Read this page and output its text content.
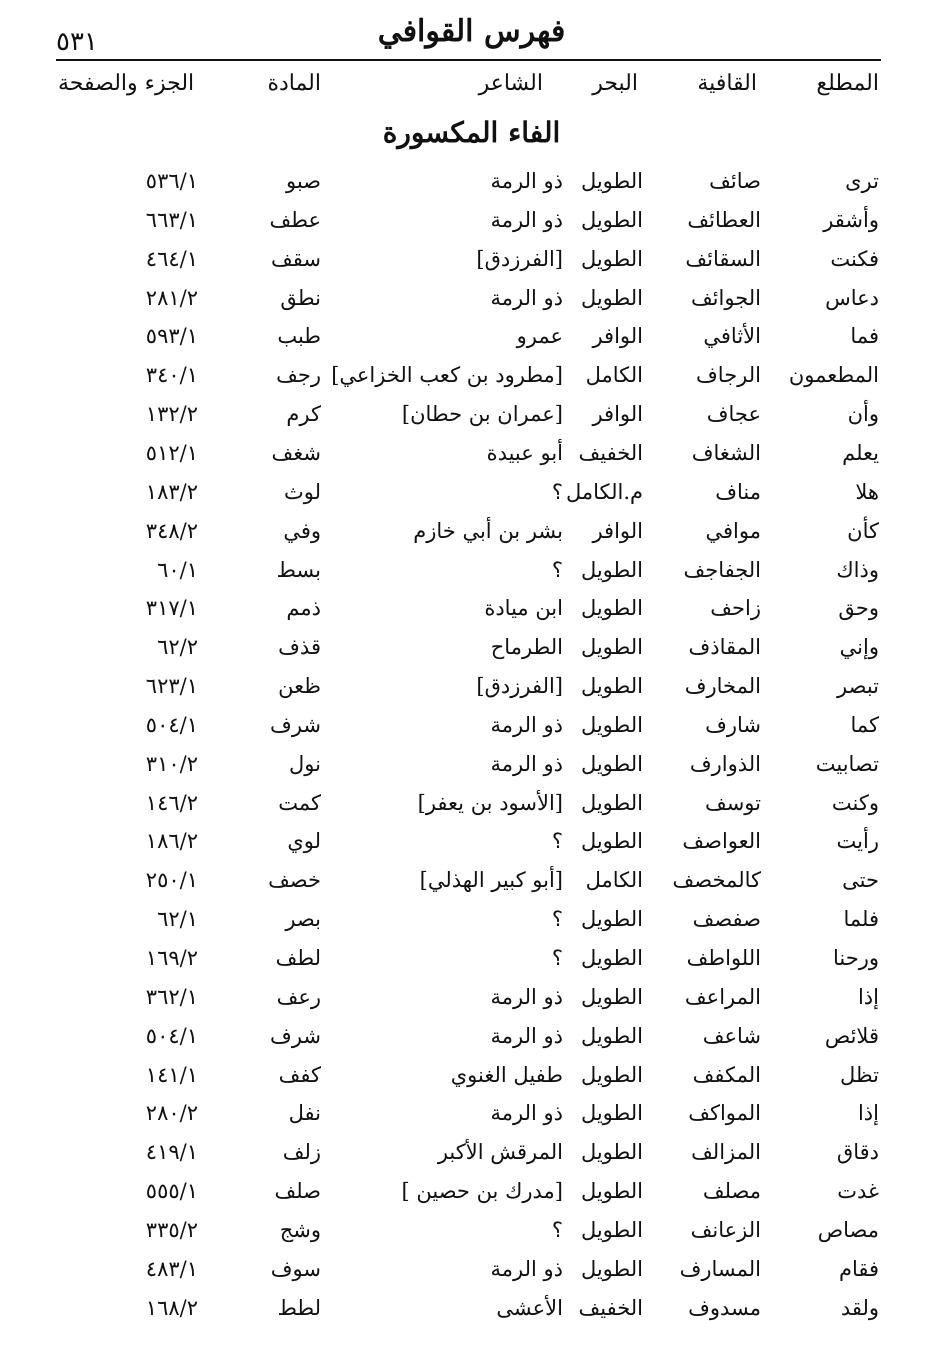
٥٣١	فهرس القوافي
المطلع
القافية
البحر
الشاعر
المادة
الجزء والصفحة
الفاء المكسورة
ترى
صائف
الطويل
ذو الرمة
صبو
٥٣٦/١
وأشقر
العطائف
الطويل
ذو الرمة
عطف
٦٦٣/١
فكنت
السقائف
الطويل
[الفرزدق]
سقف
٤٦٤/١
دعاس
الجوائف
الطويل
ذو الرمة
نطق
٢٨١/٢
فما
الأثافي
الوافر
عمرو
طبب
٥٩٣/١
المطعمون
الرجاف
الكامل
[مطرود بن كعب الخزاعي]
رجف
٣٤٠/١
وأن
عجاف
الوافر
[عمران بن حطان]
كرم
١٣٢/٢
يعلم
الشغاف
الخفيف
أبو عبيدة
شغف
٥١٢/١
هلا
مناف
م.الكامل
؟
لوث
١٨٣/٢
كأن
موافي
الوافر
بشر بن أبي خازم
وفي
٣٤٨/٢
وذاك
الجفاجف
الطويل
؟
بسط
٦٠/١
وحق
زاحف
الطويل
ابن ميادة
ذمم
٣١٧/١
وإني
المقاذف
الطويل
الطرماح
قذف
٦٢/٢
تبصر
المخارف
الطويل
[الفرزدق]
ظعن
٦٢٣/١
كما
شارف
الطويل
ذو الرمة
شرف
٥٠٤/١
تصابيت
الذوارف
الطويل
ذو الرمة
نول
٣١٠/٢
وكنت
توسف
الطويل
[الأسود بن يعفر]
كمت
١٤٦/٢
رأيت
العواصف
الطويل
؟
لوي
١٨٦/٢
حتى
كالمخصف
الكامل
[أبو كبير الهذلي]
خصف
٢٥٠/١
فلما
صفصف
الطويل
؟
بصر
٦٢/١
ورحنا
اللواطف
الطويل
؟
لطف
١٦٩/٢
إذا
المراعف
الطويل
ذو الرمة
رعف
٣٦٢/١
قلائص
شاعف
الطويل
ذو الرمة
شرف
٥٠٤/١
تظل
المكفف
الطويل
طفيل الغنوي
كفف
١٤١/١
إذا
المواكف
الطويل
ذو الرمة
نفل
٢٨٠/٢
دقاق
المزالف
الطويل
المرقش الأكبر
زلف
٤١٩/١
غدت
مصلف
الطويل
[مدرك بن حصين ]
صلف
٥٥٥/١
مصاص
الزعانف
الطويل
؟
وشج
٣٣٥/٢
فقام
المسارف
الطويل
ذو الرمة
سوف
٤٨٣/١
ولقد
مسدوف
الخفيف
الأعشى
لطط
١٦٨/٢
